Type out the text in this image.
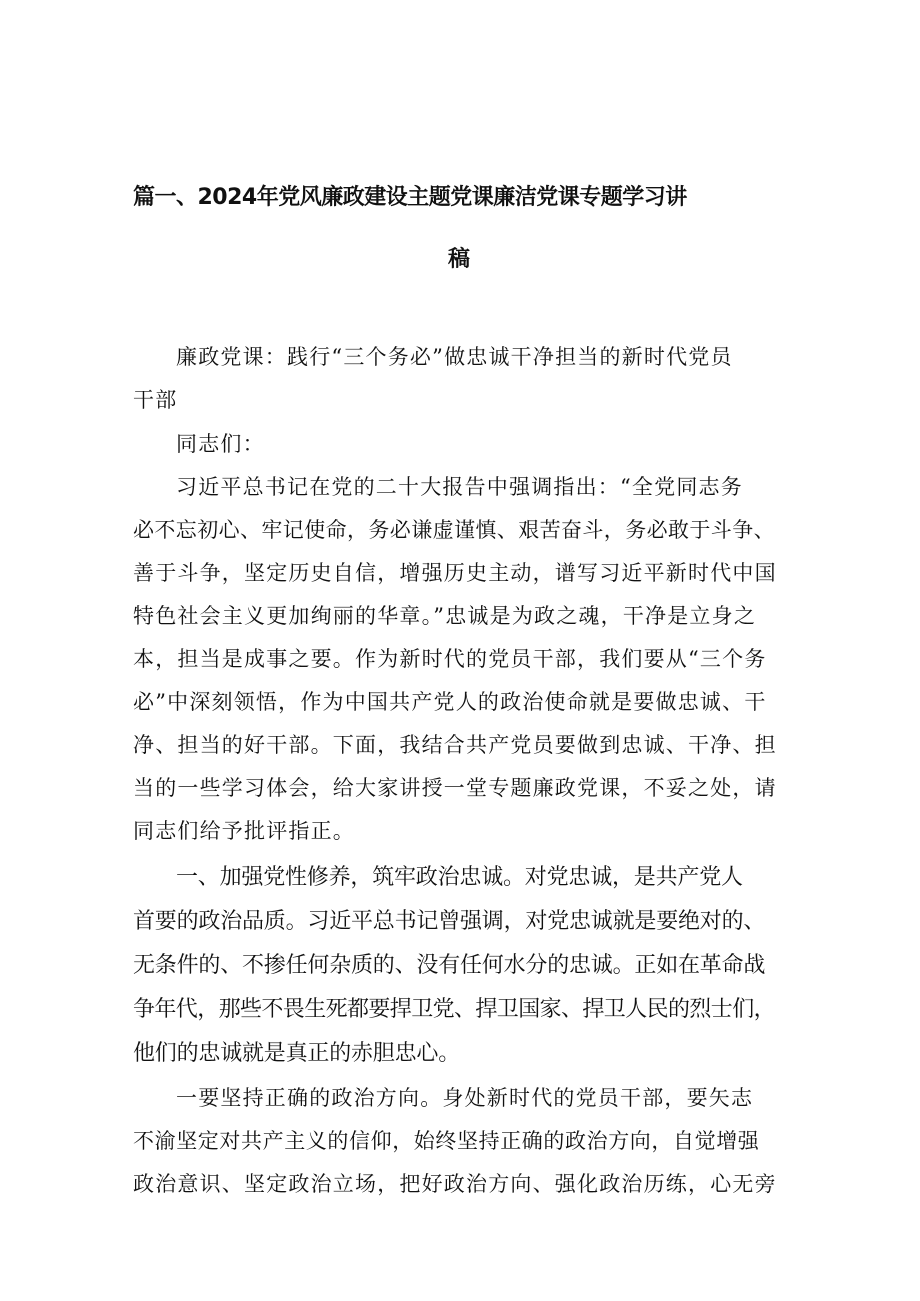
篇一、2024年党风廉政建设主题党课廉洁党课专题学习讲
稿
廉政党课：践行“三个务必”做忠诚干净担当的新时代党员
干部
同志们：
习近平总书记在党的二十大报告中强调指出：“全党同志务
必不忘初心、牢记使命，务必谦虚谨慎、艰苦奋斗，务必敢于斗争、
善于斗争，坚定历史自信，增强历史主动，谱写习近平新时代中国
特色社会主义更加绚丽的华章。”忠诚是为政之魂，干净是立身之
本，担当是成事之要。作为新时代的党员干部，我们要从“三个务
必”中深刻领悟，作为中国共产党人的政治使命就是要做忠诚、干
净、担当的好干部。下面，我结合共产党员要做到忠诚、干净、担
当的一些学习体会，给大家讲授一堂专题廉政党课，不妥之处，请
同志们给予批评指正。
一、加强党性修养，筑牢政治忠诚。对党忠诚，是共产党人
首要的政治品质。习近平总书记曾强调，对党忠诚就是要绝对的、
无条件的、不掺任何杂质的、没有任何水分的忠诚。正如在革命战
争年代，那些不畏生死都要捍卫党、捍卫国家、捍卫人民的烈士们，
他们的忠诚就是真正的赤胆忠心。
一要坚持正确的政治方向。身处新时代的党员干部，要矢志
不渝坚定对共产主义的信仰，始终坚持正确的政治方向，自觉增强
政治意识、坚定政治立场，把好政治方向、强化政治历练，心无旁
